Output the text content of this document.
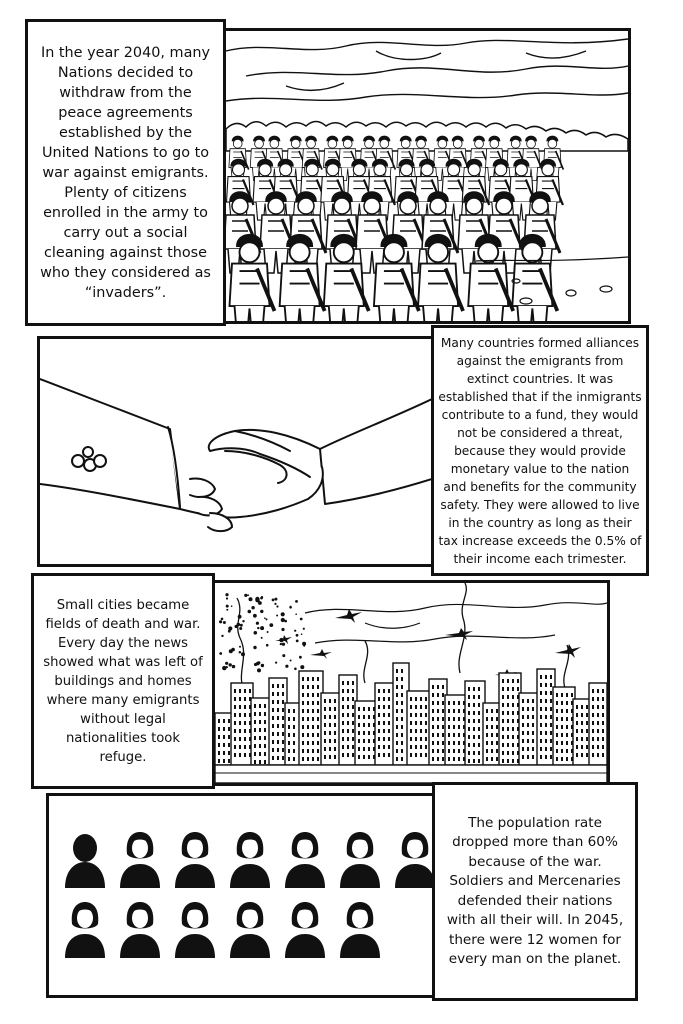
In the year 2040, many Nations decided to withdraw from the peace agreements established by the United Nations to go to war against emigrants. Plenty of citizens enrolled in the army to carry out a social cleaning against those who they considered as “invaders”.
Many countries formed alliances against the emigrants from extinct countries. It was established that if the inmigrants contribute to a fund, they would not be considered a threat, because they would provide monetary value to the nation and benefits for the community safety. They were allowed to live in the country as long as their tax increase exceeds the 0.5% of their income each trimester.
Small cities became fields of death and war. Every day the news showed what was left of buildings and homes where many emigrants without legal nationalities took refuge.
The population rate dropped more than 60% because of the war. Soldiers and Mercenaries defended their nations with all their will. In 2045, there were 12 women for every man on the planet.
